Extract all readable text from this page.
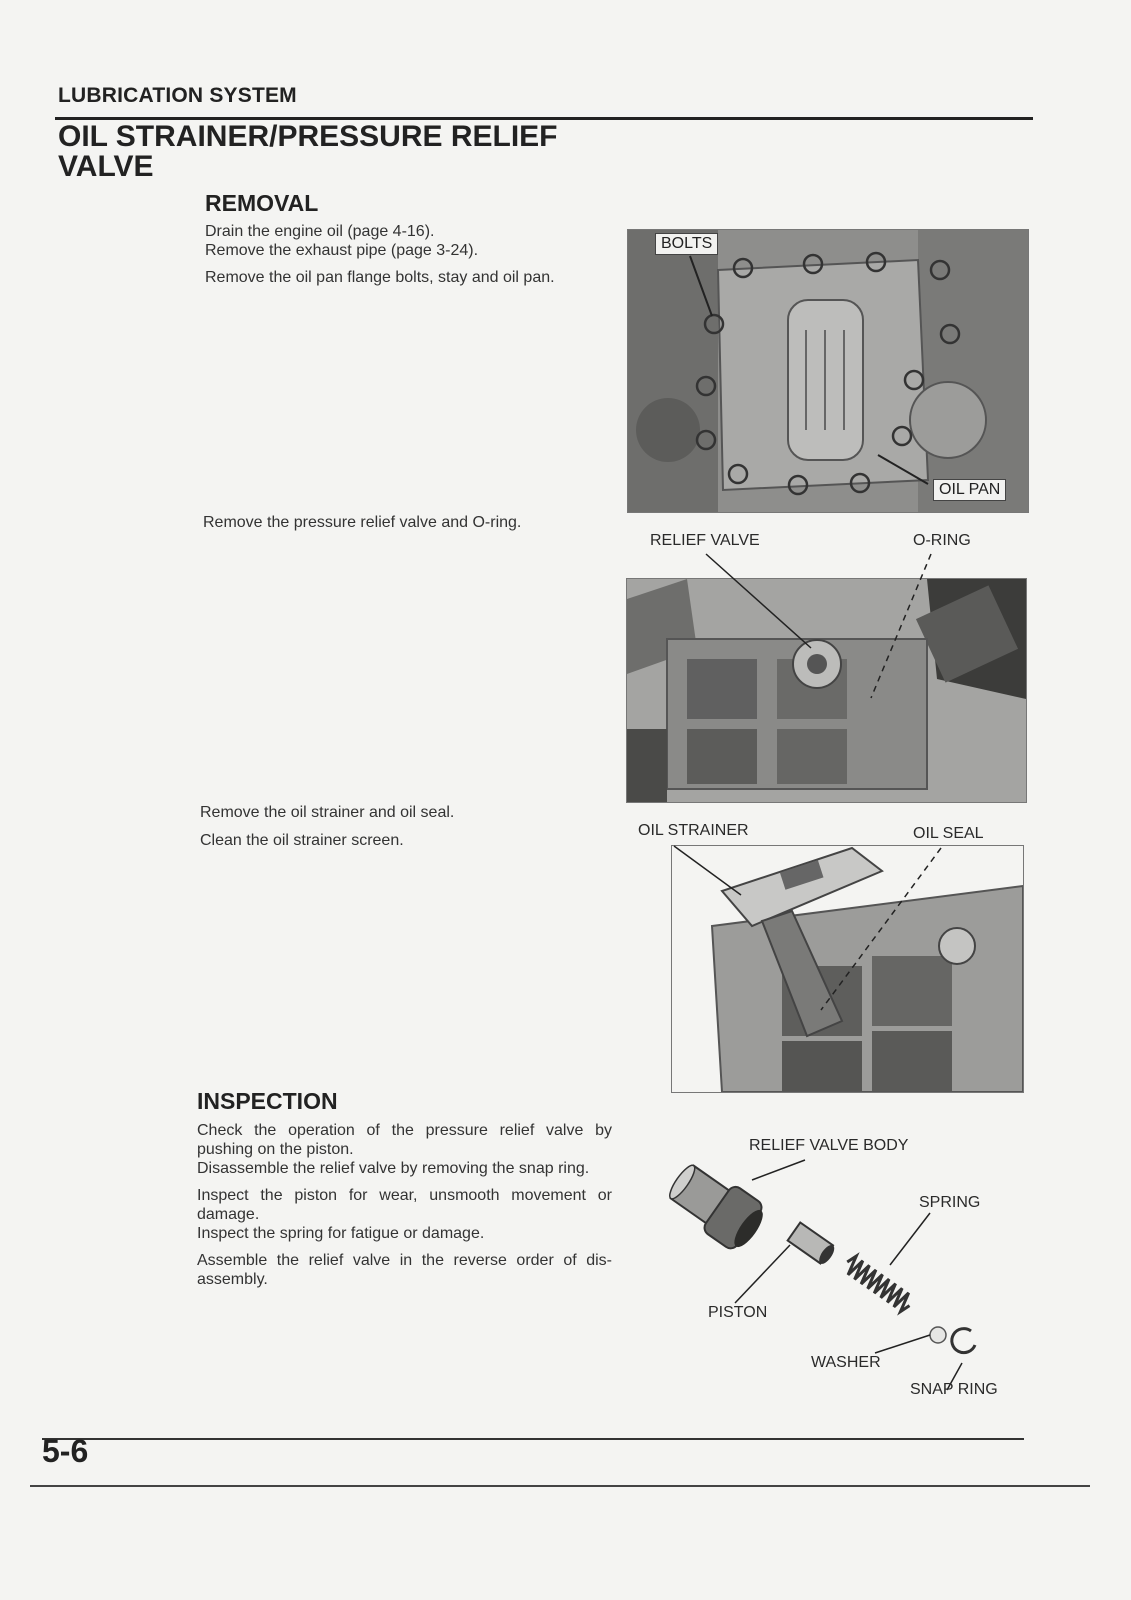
LUBRICATION SYSTEM
OIL STRAINER/PRESSURE RELIEF
VALVE
REMOVAL
Drain the engine oil (page 4-16).
Remove the exhaust pipe (page 3-24).
Remove the oil pan flange bolts, stay and oil pan.
Remove the pressure relief valve and O-ring.
Remove the oil strainer and oil seal.
Clean the oil strainer screen.
INSPECTION

Check the operation of the pressure relief valve by pushing on the piston.

Disassemble the relief valve by removing the snap ring.

Inspect the piston for wear, unsmooth movement or damage.

Inspect the spring for fatigue or damage.

Assemble the relief valve in the reverse order of dis-assembly.

BOLTS
OIL PAN
RELIEF VALVE	O-RING
OIL STRAINER	OIL SEAL
RELIEF VALVE BODY
SPRING
PISTON
WASHER
SNAP RING
5-6
